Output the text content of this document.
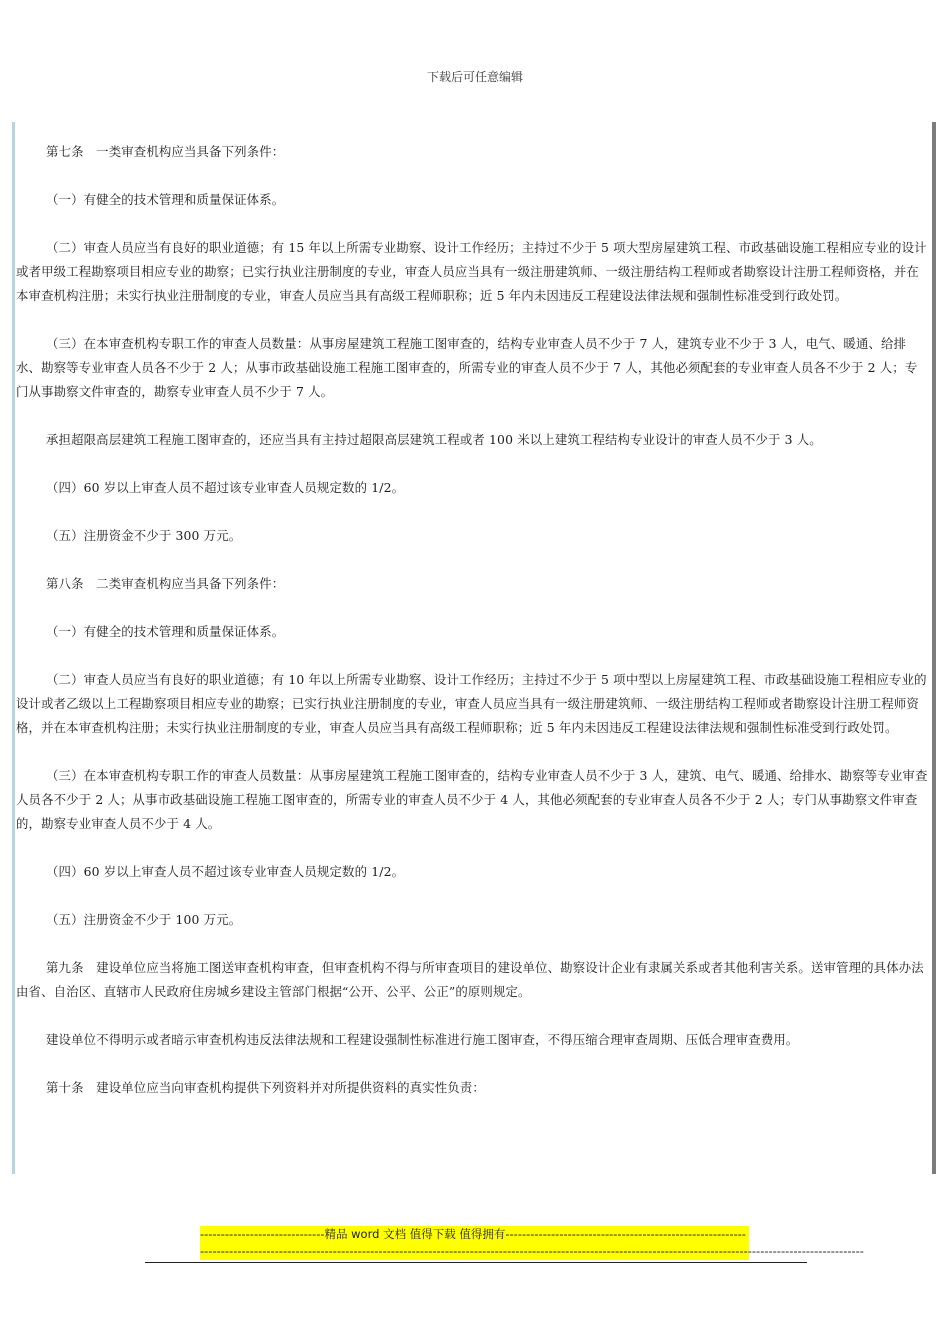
下载后可任意编辑

第七条　一类审查机构应当具备下列条件：

（一）有健全的技术管理和质量保证体系。

（二）审查人员应当有良好的职业道德；有 15 年以上所需专业勘察、设计工作经历；主持过不少于 5 项大型房屋建筑工程、市政基础设施工程相应专业的设计或者甲级工程勘察项目相应专业的勘察；已实行执业注册制度的专业，审查人员应当具有一级注册建筑师、一级注册结构工程师或者勘察设计注册工程师资格，并在本审查机构注册；未实行执业注册制度的专业，审查人员应当具有高级工程师职称；近 5 年内未因违反工程建设法律法规和强制性标准受到行政处罚。

（三）在本审查机构专职工作的审查人员数量：从事房屋建筑工程施工图审查的，结构专业审查人员不少于 7 人，建筑专业不少于 3 人，电气、暖通、给排水、勘察等专业审查人员各不少于 2 人；从事市政基础设施工程施工图审查的，所需专业的审查人员不少于 7 人，其他必须配套的专业审查人员各不少于 2 人；专门从事勘察文件审查的，勘察专业审查人员不少于 7 人。

承担超限高层建筑工程施工图审查的，还应当具有主持过超限高层建筑工程或者 100 米以上建筑工程结构专业设计的审查人员不少于 3 人。

（四）60 岁以上审查人员不超过该专业审查人员规定数的 1/2。

（五）注册资金不少于 300 万元。

第八条　二类审查机构应当具备下列条件：

（一）有健全的技术管理和质量保证体系。

（二）审查人员应当有良好的职业道德；有 10 年以上所需专业勘察、设计工作经历；主持过不少于 5 项中型以上房屋建筑工程、市政基础设施工程相应专业的设计或者乙级以上工程勘察项目相应专业的勘察；已实行执业注册制度的专业，审查人员应当具有一级注册建筑师、一级注册结构工程师或者勘察设计注册工程师资格，并在本审查机构注册；未实行执业注册制度的专业，审查人员应当具有高级工程师职称；近 5 年内未因违反工程建设法律法规和强制性标准受到行政处罚。

（三）在本审查机构专职工作的审查人员数量：从事房屋建筑工程施工图审查的，结构专业审查人员不少于 3 人，建筑、电气、暖通、给排水、勘察等专业审查人员各不少于 2 人；从事市政基础设施工程施工图审查的，所需专业的审查人员不少于 4 人，其他必须配套的专业审查人员各不少于 2 人；专门从事勘察文件审查的，勘察专业审查人员不少于 4 人。

（四）60 岁以上审查人员不超过该专业审查人员规定数的 1/2。

（五）注册资金不少于 100 万元。

第九条　建设单位应当将施工图送审查机构审查，但审查机构不得与所审查项目的建设单位、勘察设计企业有隶属关系或者其他利害关系。送审管理的具体办法由省、自治区、直辖市人民政府住房城乡建设主管部门根据“公开、公平、公正”的原则规定。

建设单位不得明示或者暗示审查机构违反法律法规和工程建设强制性标准进行施工图审查，不得压缩合理审查周期、压低合理审查费用。

第十条　建设单位应当向审查机构提供下列资料并对所提供资料的真实性负责：

------------------------------精品 word 文档 值得下载 值得拥有----------------------------------------------------------
----------------------------------------------------------------------------------------------------------------------------------------------------------------
